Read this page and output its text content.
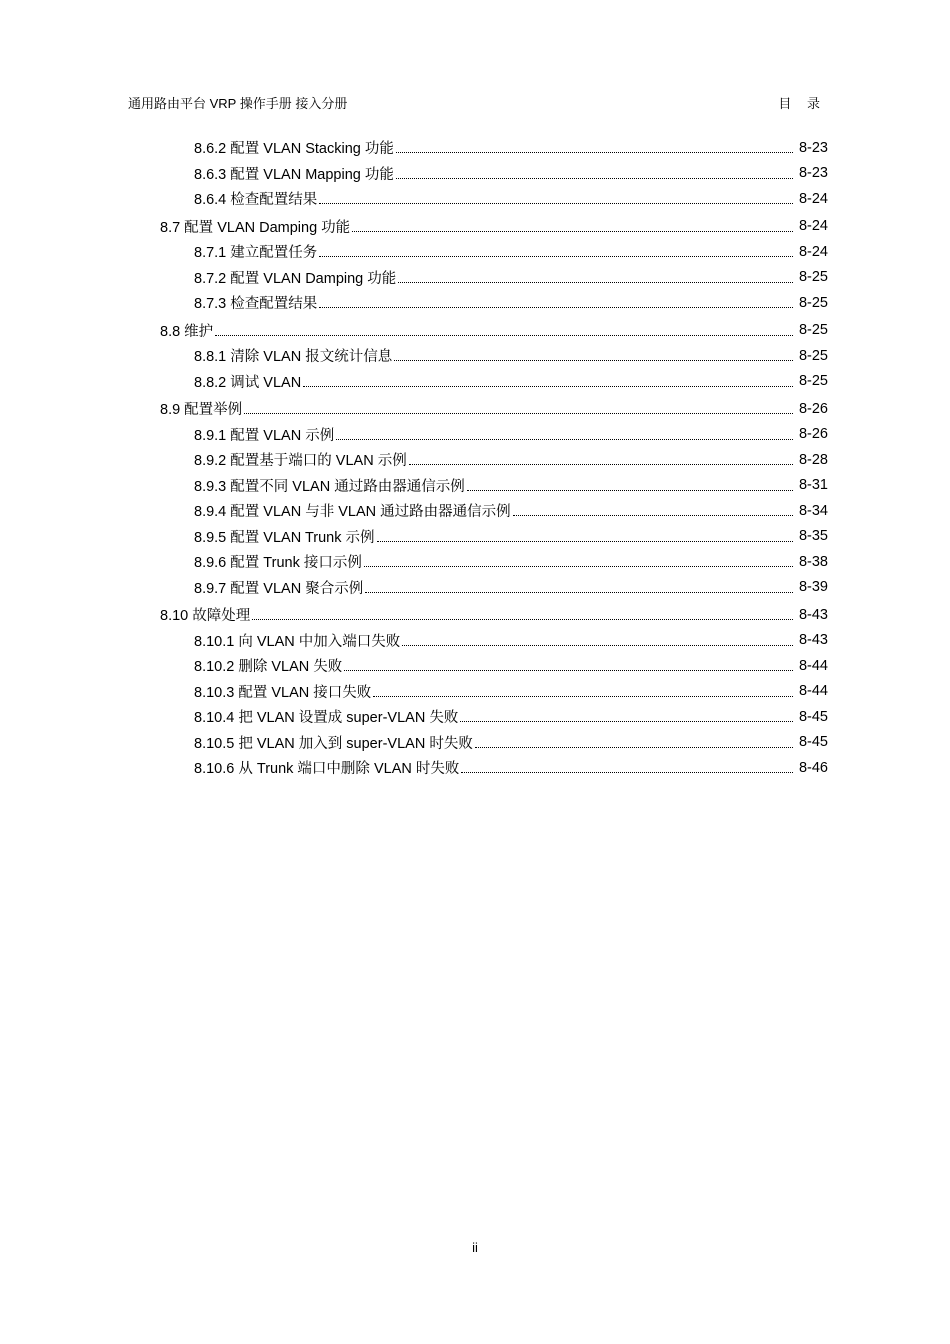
通用路由平台 VRP 操作手册 接入分册	目 录
8.6.2 配置 VLAN Stacking 功能	8-23
8.6.3 配置 VLAN Mapping 功能	8-23
8.6.4 检查配置结果	8-24
8.7 配置 VLAN Damping 功能	8-24
8.7.1 建立配置任务	8-24
8.7.2 配置 VLAN Damping 功能	8-25
8.7.3 检查配置结果	8-25
8.8 维护	8-25
8.8.1 清除 VLAN 报文统计信息	8-25
8.8.2 调试 VLAN	8-25
8.9 配置举例	8-26
8.9.1 配置 VLAN 示例	8-26
8.9.2 配置基于端口的 VLAN 示例	8-28
8.9.3 配置不同 VLAN 通过路由器通信示例	8-31
8.9.4 配置 VLAN 与非 VLAN 通过路由器通信示例	8-34
8.9.5 配置 VLAN Trunk 示例	8-35
8.9.6 配置 Trunk 接口示例	8-38
8.9.7 配置 VLAN 聚合示例	8-39
8.10 故障处理	8-43
8.10.1 向 VLAN 中加入端口失败	8-43
8.10.2 删除 VLAN 失败	8-44
8.10.3 配置 VLAN 接口失败	8-44
8.10.4 把 VLAN 设置成 super-VLAN 失败	8-45
8.10.5 把 VLAN 加入到 super-VLAN 时失败	8-45
8.10.6 从 Trunk 端口中删除 VLAN 时失败	8-46
ii
